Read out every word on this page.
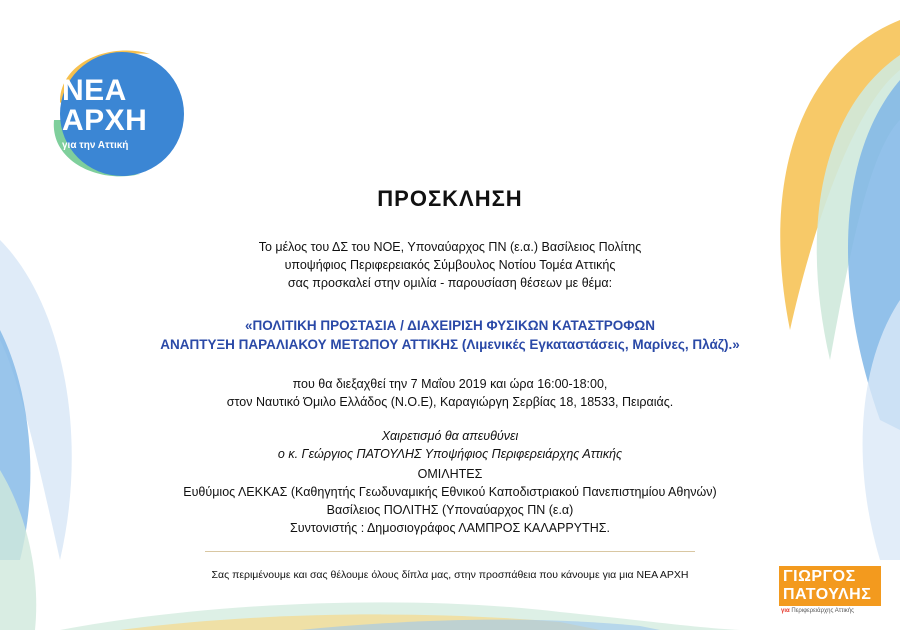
ΝΕΑ
ΑΡΧΗ
για την Αττική
ΠΡΟΣΚΛΗΣΗ
Το μέλος του ΔΣ του ΝΟΕ, Υποναύαρχος ΠΝ (ε.α.) Βασίλειος Πολίτης
υποψήφιος Περιφερειακός Σύμβουλος Νοτίου Τομέα Αττικής
σας προσκαλεί στην ομιλία - παρουσίαση θέσεων με θέμα:
«ΠΟΛΙΤΙΚΗ ΠΡΟΣΤΑΣΙΑ / ΔΙΑΧΕΙΡΙΣΗ ΦΥΣΙΚΩΝ ΚΑΤΑΣΤΡΟΦΩΝ
ΑΝΑΠΤΥΞΗ ΠΑΡΑΛΙΑΚΟΥ ΜΕΤΩΠΟΥ ΑΤΤΙΚΗΣ (Λιμενικές Εγκαταστάσεις, Μαρίνες, Πλάζ).»
που θα διεξαχθεί την 7 Μαΐου 2019 και ώρα 16:00-18:00,
στον Ναυτικό Όμιλο Ελλάδος (Ν.Ο.Ε), Καραγιώργη Σερβίας 18, 18533, Πειραιάς.
Χαιρετισμό θα απευθύνει
ο κ. Γεώργιος ΠΑΤΟΥΛΗΣ Υποψήφιος Περιφερειάρχης Αττικής
ΟΜΙΛΗΤΕΣ
Ευθύμιος ΛΕΚΚΑΣ (Καθηγητής Γεωδυναμικής Εθνικού Καποδιστριακού Πανεπιστημίου Αθηνών)
Βασίλειος ΠΟΛΙΤΗΣ (Υποναύαρχος ΠΝ (ε.α)
Συντονιστής : Δημοσιογράφος ΛΑΜΠΡΟΣ ΚΑΛΑΡΡΥΤΗΣ.
Σας περιμένουμε και σας θέλουμε όλους δίπλα μας, στην προσπάθεια που κάνουμε για μια ΝΕΑ ΑΡΧΗ	ΓΙΩΡΓΟΣ
ΠΑΤΟΥΛΗΣ
για Περιφερειάρχης Αττικής
